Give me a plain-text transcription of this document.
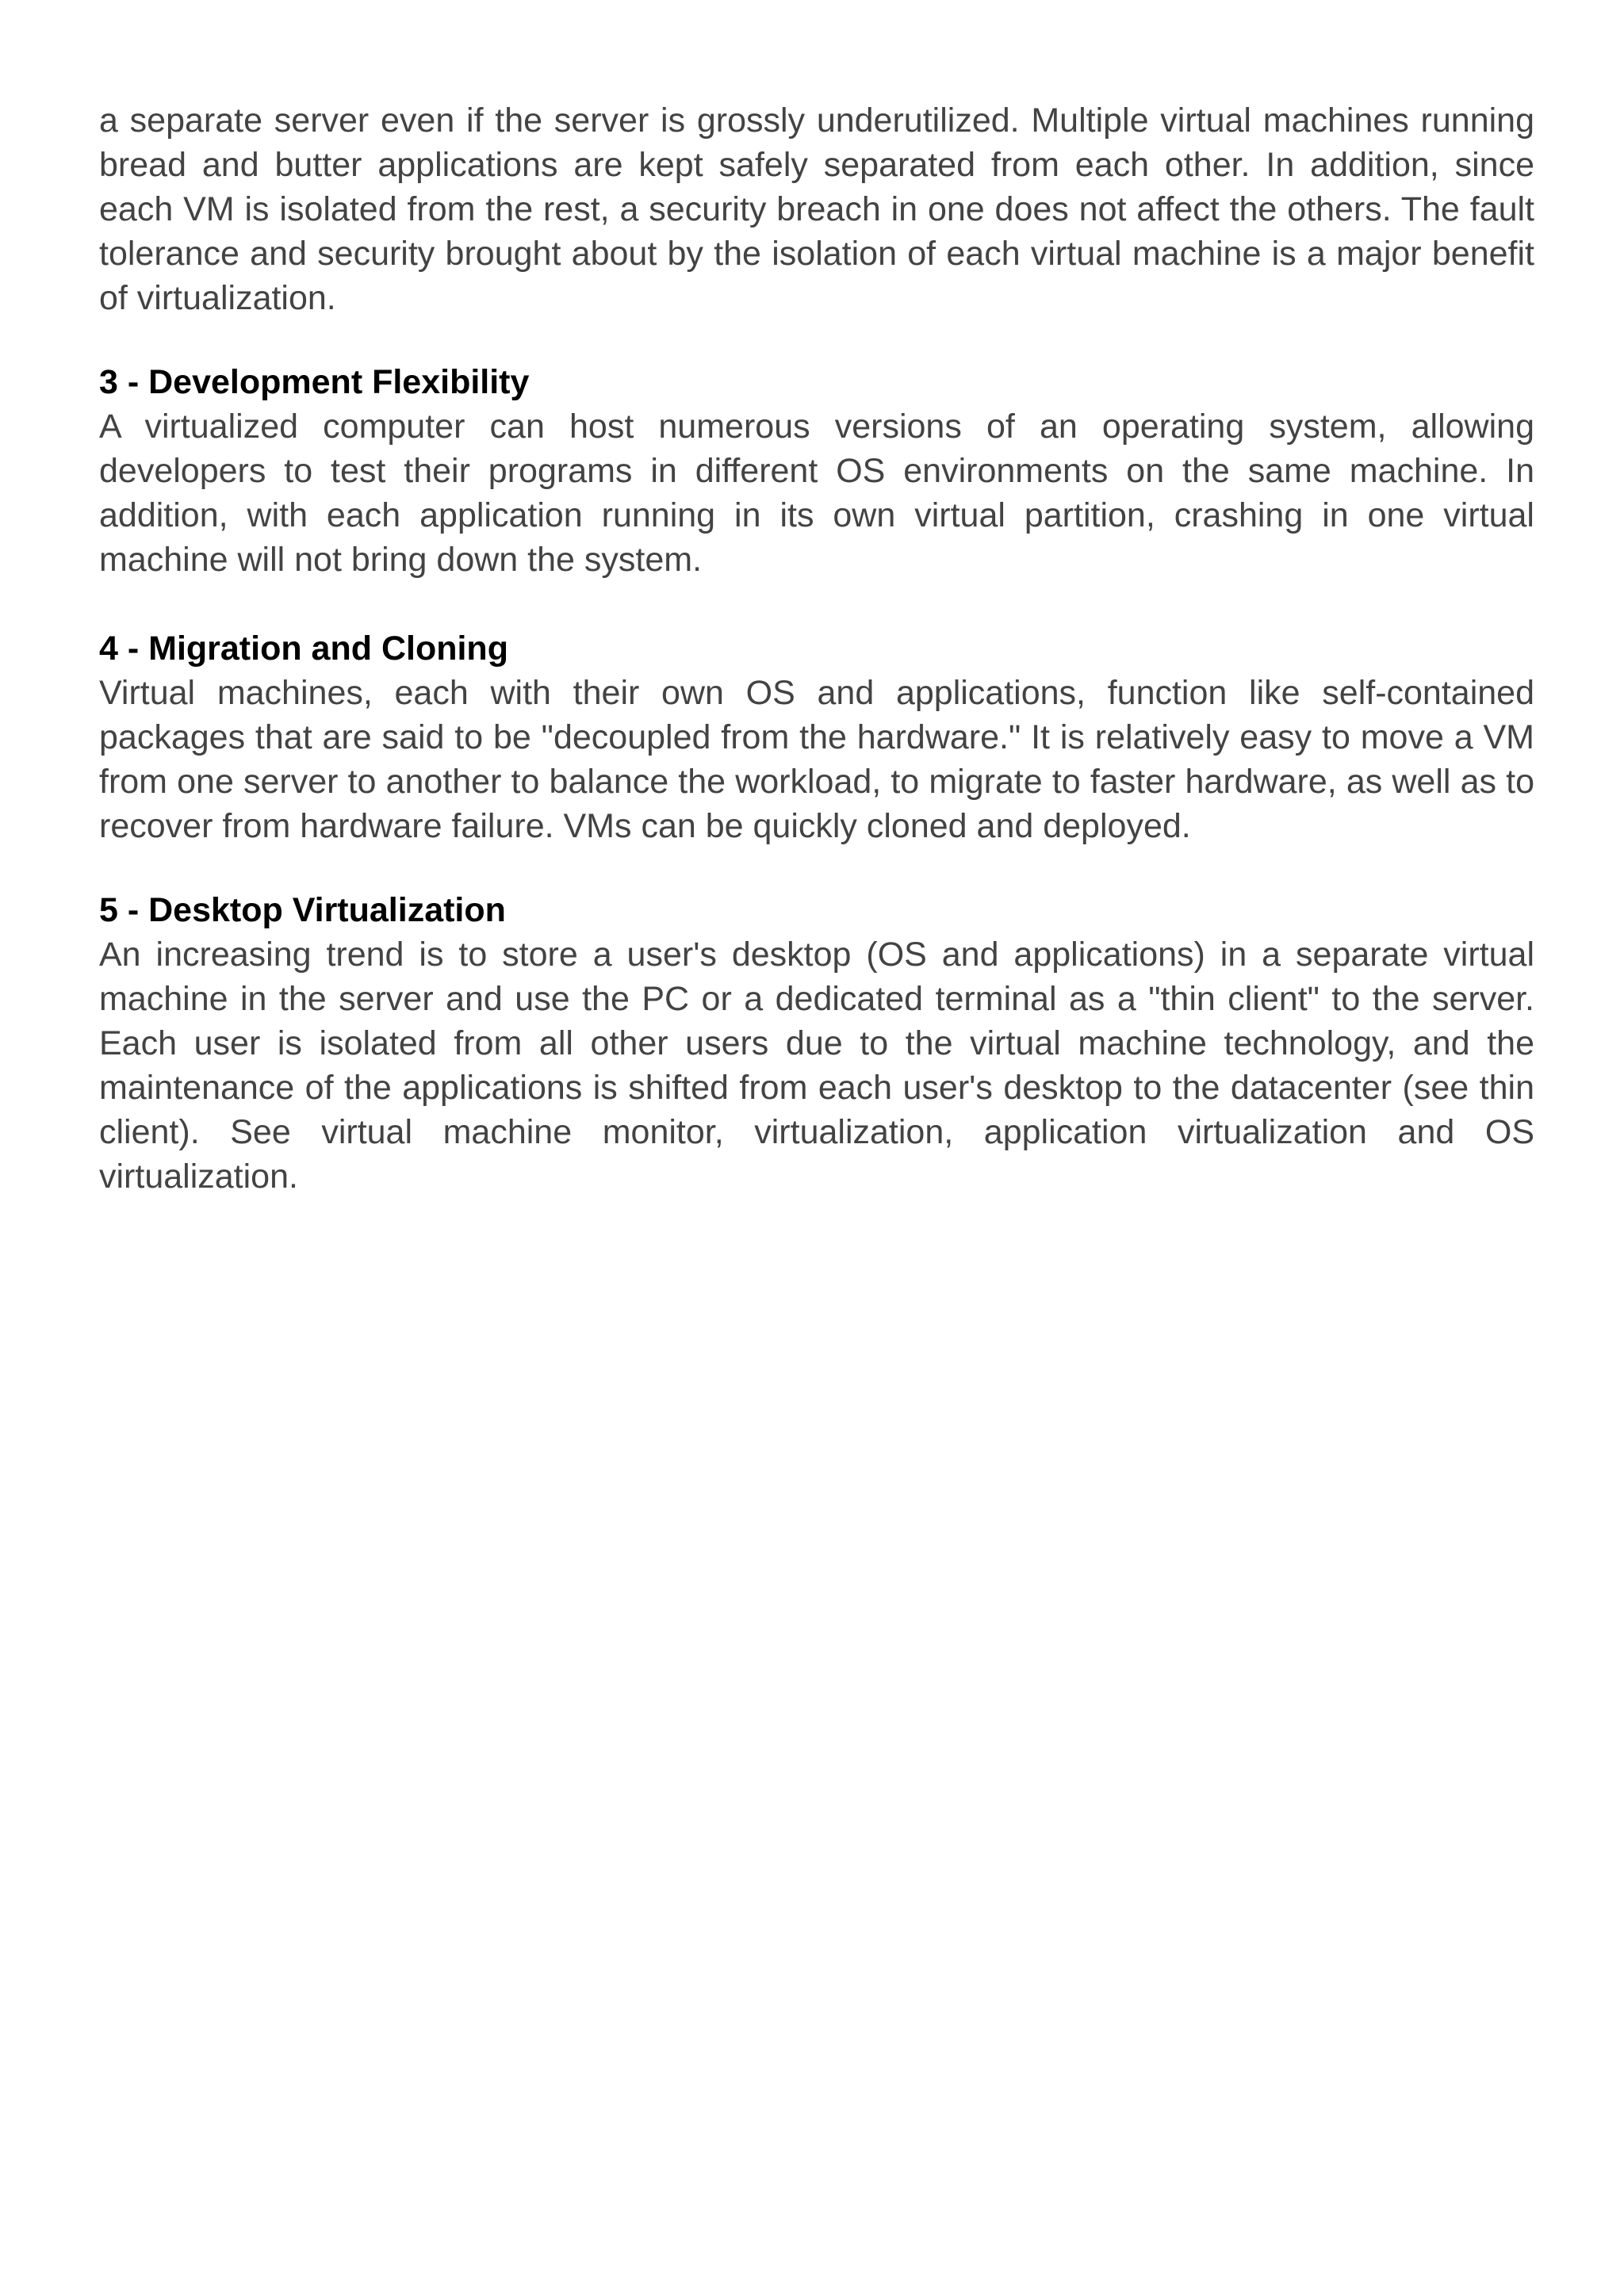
a separate server even if the server is grossly underutilized. Multiple virtual machines running bread and butter applications are kept safely separated from each other. In addition, since each VM is isolated from the rest, a security breach in one does not affect the others. The fault tolerance and security brought about by the isolation of each virtual machine is a major benefit of virtualization.

3 - Development Flexibility

A virtualized computer can host numerous versions of an operating system, allowing developers to test their programs in different OS environments on the same machine. In addition, with each application running in its own virtual partition, crashing in one virtual machine will not bring down the system.

4 - Migration and Cloning

Virtual machines, each with their own OS and applications, function like self-contained packages that are said to be "decoupled from the hardware." It is relatively easy to move a VM from one server to another to balance the workload, to migrate to faster hardware, as well as to recover from hardware failure. VMs can be quickly cloned and deployed.

5 - Desktop Virtualization

An increasing trend is to store a user's desktop (OS and applications) in a separate virtual machine in the server and use the PC or a dedicated terminal as a "thin client" to the server. Each user is isolated from all other users due to the virtual machine technology, and the maintenance of the applications is shifted from each user's desktop to the datacenter (see thin client). See virtual machine monitor, virtualization, application virtualization and OS virtualization.
